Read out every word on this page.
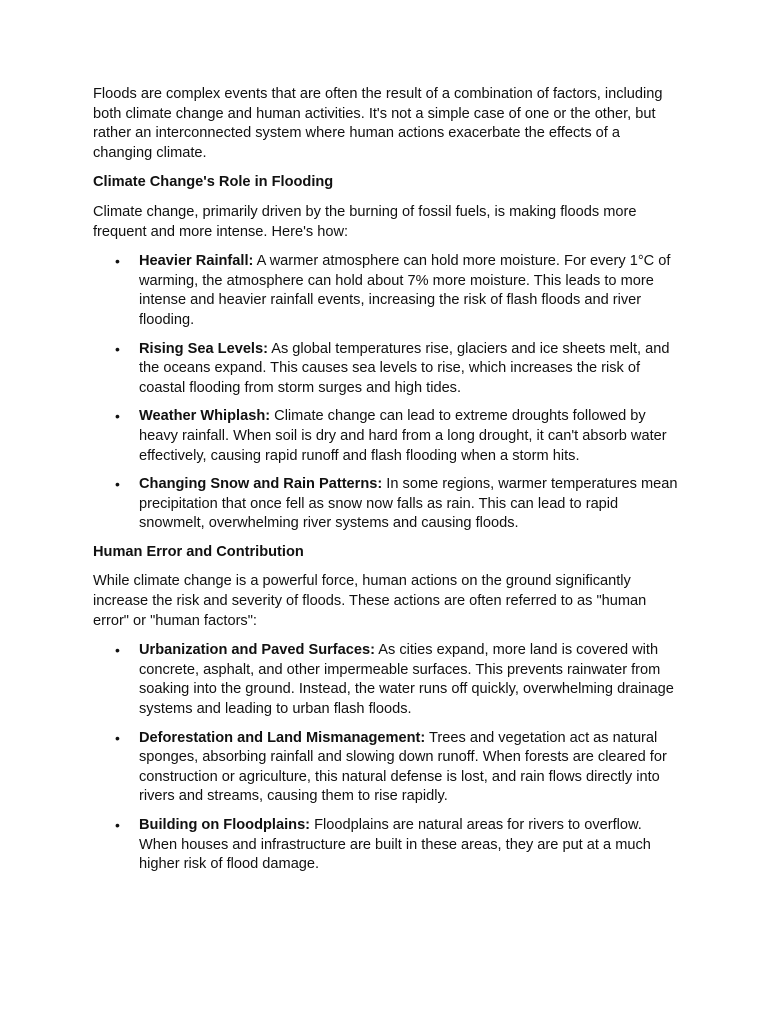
Floods are complex events that are often the result of a combination of factors, including both climate change and human activities. It's not a simple case of one or the other, but rather an interconnected system where human actions exacerbate the effects of a changing climate.

Climate Change's Role in Flooding

Climate change, primarily driven by the burning of fossil fuels, is making floods more frequent and more intense. Here's how:

• Heavier Rainfall: A warmer atmosphere can hold more moisture. For every 1°C of warming, the atmosphere can hold about 7% more moisture. This leads to more intense and heavier rainfall events, increasing the risk of flash floods and river flooding.
• Rising Sea Levels: As global temperatures rise, glaciers and ice sheets melt, and the oceans expand. This causes sea levels to rise, which increases the risk of coastal flooding from storm surges and high tides.
• Weather Whiplash: Climate change can lead to extreme droughts followed by heavy rainfall. When soil is dry and hard from a long drought, it can't absorb water effectively, causing rapid runoff and flash flooding when a storm hits.
• Changing Snow and Rain Patterns: In some regions, warmer temperatures mean precipitation that once fell as snow now falls as rain. This can lead to rapid snowmelt, overwhelming river systems and causing floods.

Human Error and Contribution

While climate change is a powerful force, human actions on the ground significantly increase the risk and severity of floods. These actions are often referred to as "human error" or "human factors":

• Urbanization and Paved Surfaces: As cities expand, more land is covered with concrete, asphalt, and other impermeable surfaces. This prevents rainwater from soaking into the ground. Instead, the water runs off quickly, overwhelming drainage systems and leading to urban flash floods.
• Deforestation and Land Mismanagement: Trees and vegetation act as natural sponges, absorbing rainfall and slowing down runoff. When forests are cleared for construction or agriculture, this natural defense is lost, and rain flows directly into rivers and streams, causing them to rise rapidly.
• Building on Floodplains: Floodplains are natural areas for rivers to overflow. When houses and infrastructure are built in these areas, they are put at a much higher risk of flood damage.
